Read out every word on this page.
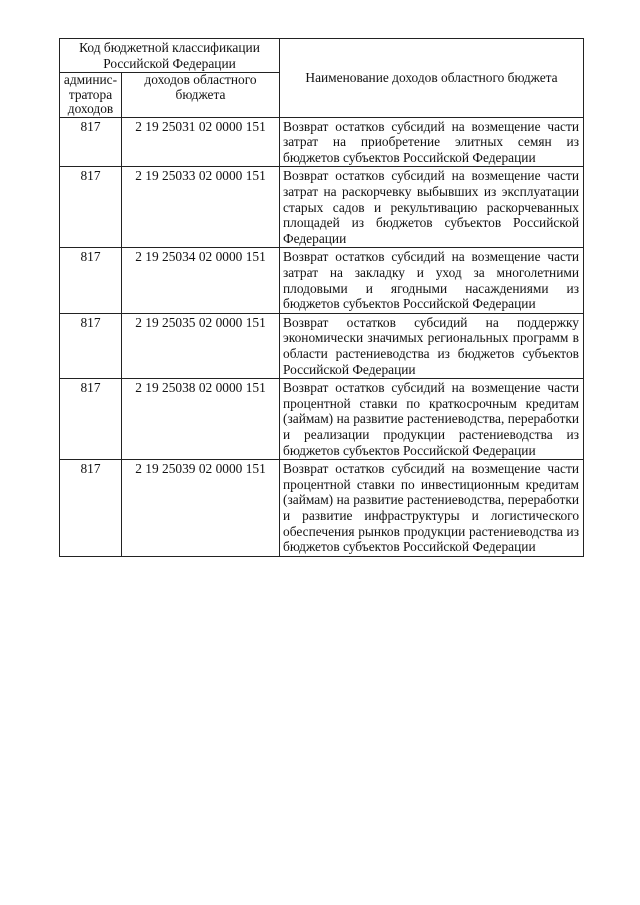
Код бюджетной классификации Российской Федерации		Наименование доходов областного бюджета
админис-тратора доходов	доходов областного бюджета	
817	2 19 25031 02 0000 151	Возврат остатков субсидий на возмещение части затрат на приобретение элитных семян из бюджетов субъектов Российской Федерации
817	2 19 25033 02 0000 151	Возврат остатков субсидий на возмещение части затрат на раскорчевку выбывших из эксплуатации старых садов и рекультивацию раскорчеванных площадей из бюджетов субъектов Российской Федерации
817	2 19 25034 02 0000 151	Возврат остатков субсидий на возмещение части затрат на закладку и уход за многолетними плодовыми и ягодными насаждениями из бюджетов субъектов Российской Федерации
817	2 19 25035 02 0000 151	Возврат остатков субсидий на поддержку экономически значимых региональных программ в области растениеводства из бюджетов субъектов Российской Федерации
817	2 19 25038 02 0000 151	Возврат остатков субсидий на возмещение части процентной ставки по краткосрочным кредитам (займам) на развитие растениеводства, переработки и реализации продукции растениеводства из бюджетов субъектов Российской Федерации
817	2 19 25039 02 0000 151	Возврат остатков субсидий на возмещение части процентной ставки по инвестиционным кредитам (займам) на развитие растениеводства, переработки и развитие инфраструктуры и логистического обеспечения рынков продукции растениеводства из бюджетов субъектов Российской Федерации
